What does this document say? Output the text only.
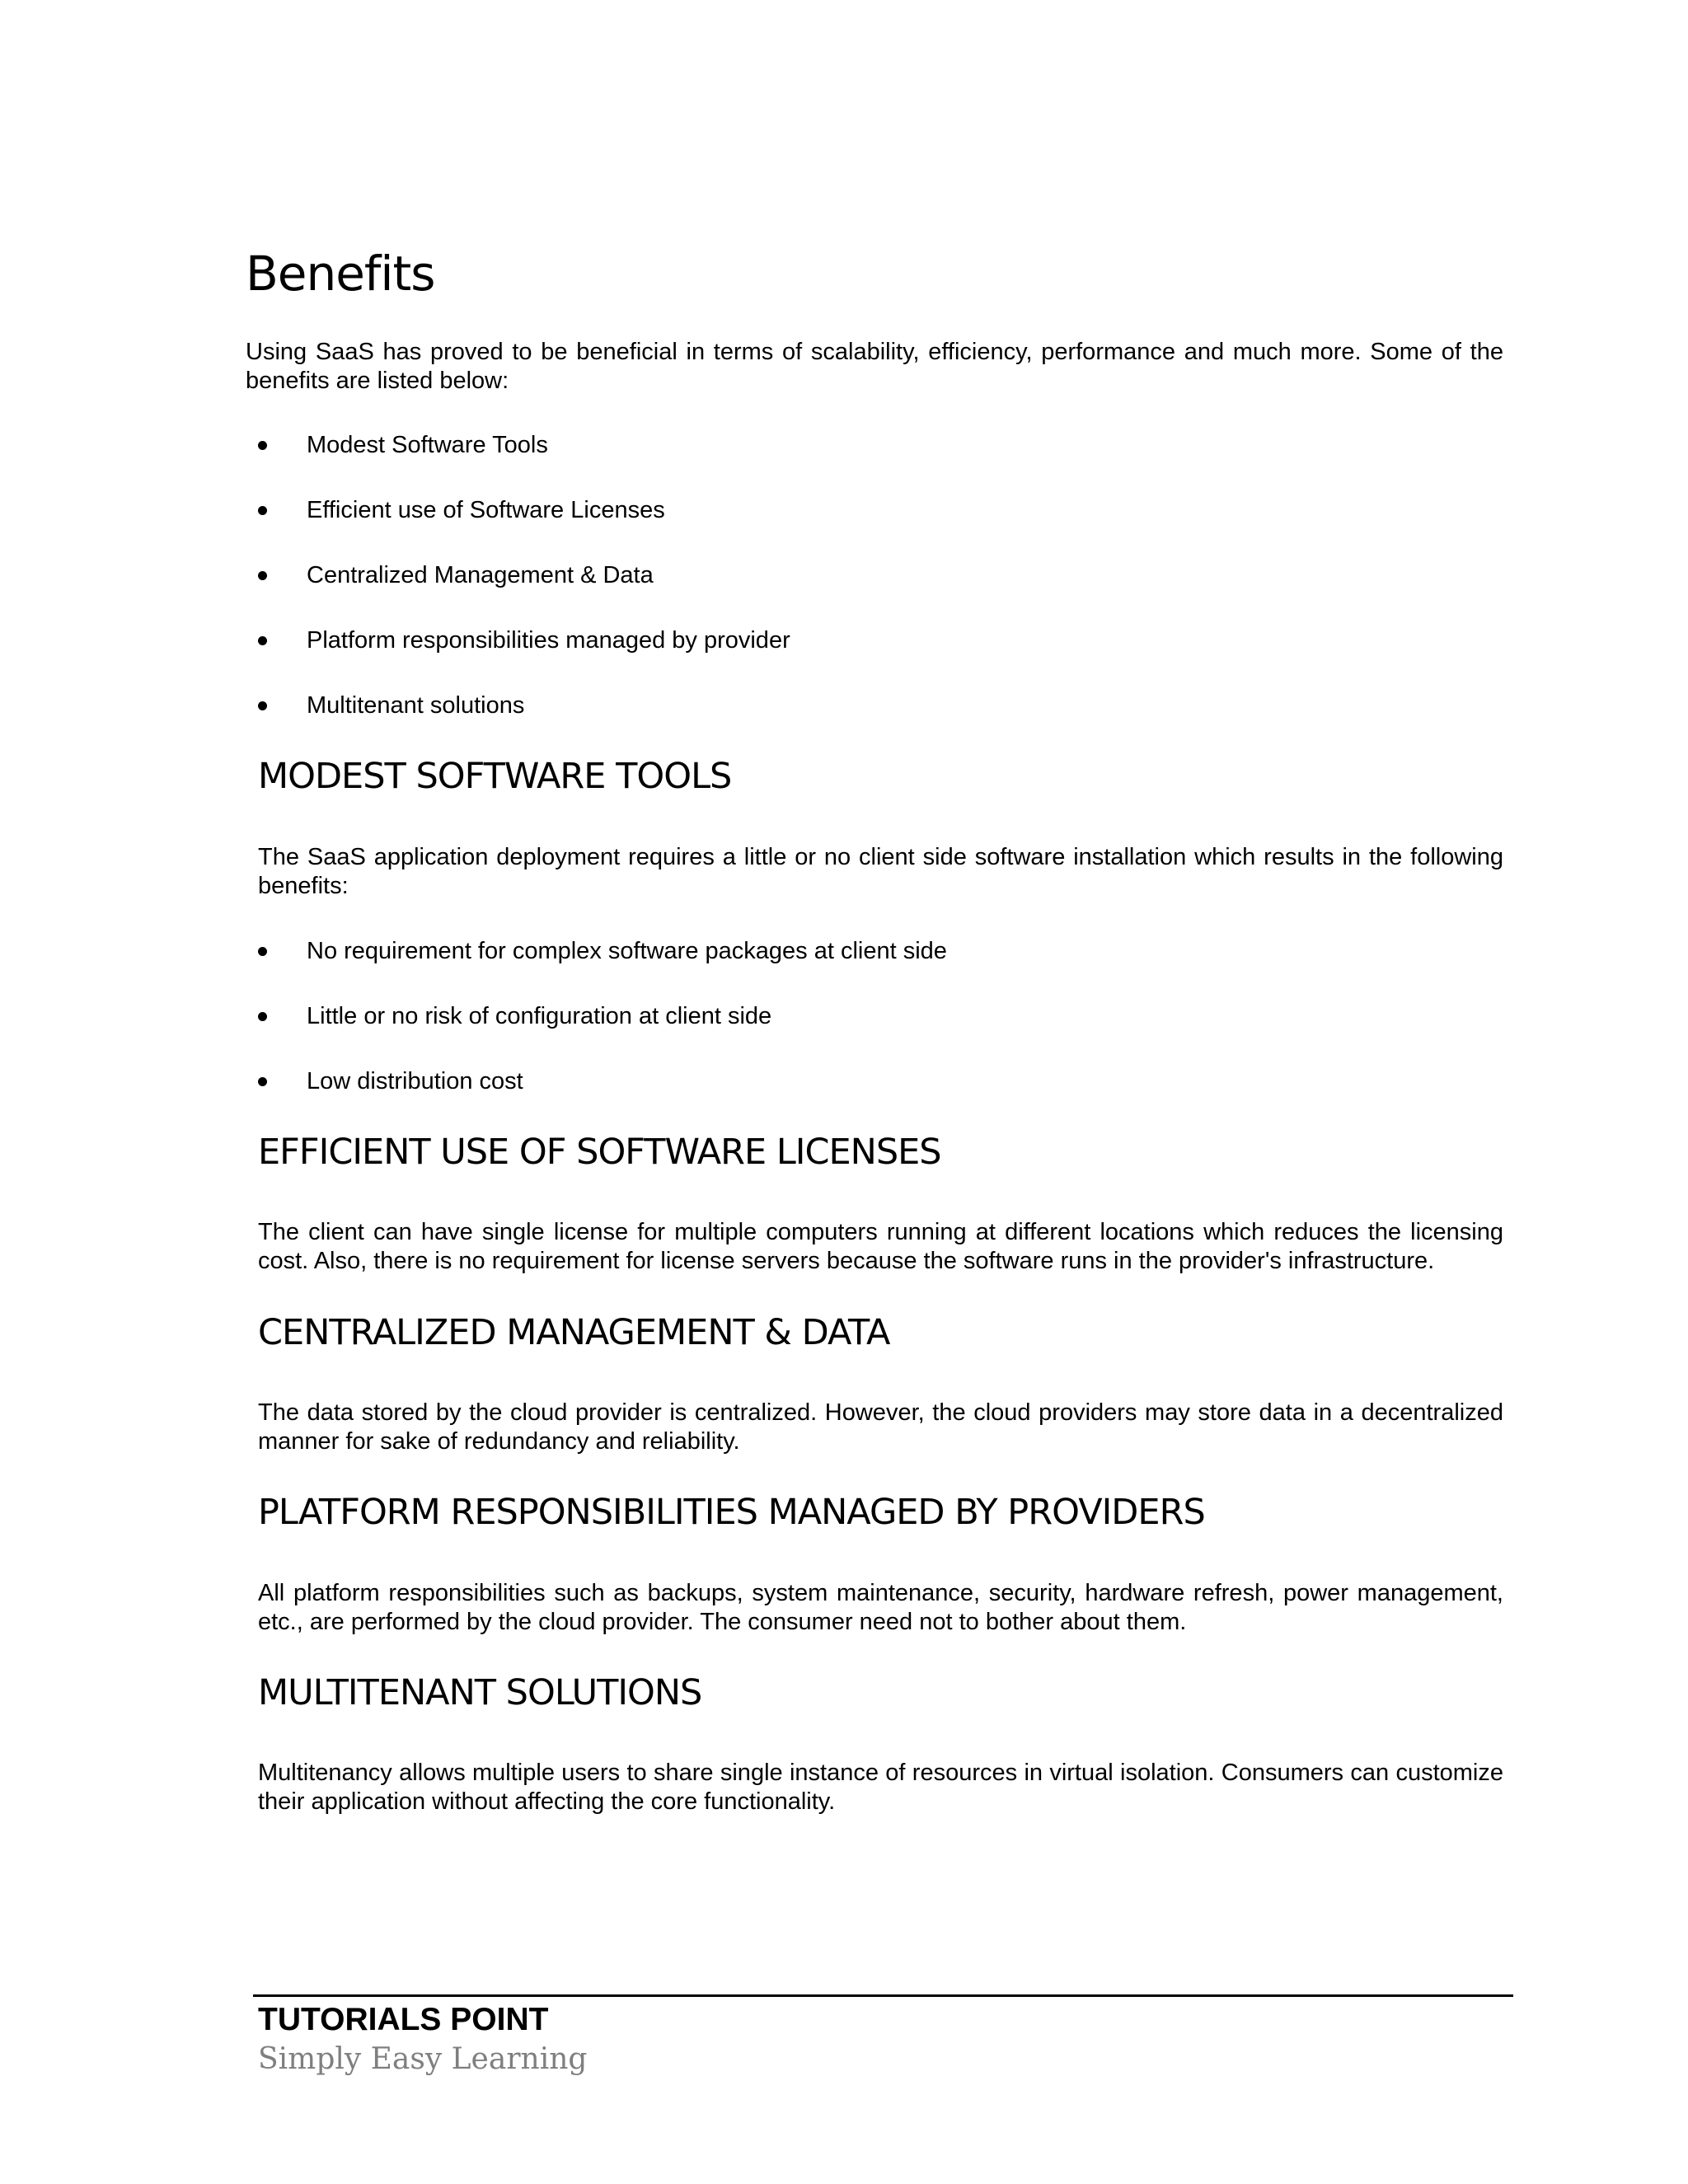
Benefits

Using SaaS has proved to be beneficial in terms of scalability, efficiency, performance and much more. Some of the benefits are listed below:

Modest Software Tools
Efficient use of Software Licenses
Centralized Management & Data
Platform responsibilities managed by provider
Multitenant solutions
MODEST SOFTWARE TOOLS

The SaaS application deployment requires a little or no client side software installation which results in the following benefits:

No requirement for complex software packages at client side
Little or no risk of configuration at client side
Low distribution cost
EFFICIENT USE OF SOFTWARE LICENSES

The client can have single license for multiple computers running at different locations which reduces the licensing cost. Also, there is no requirement for license servers because the software runs in the provider's infrastructure.

CENTRALIZED MANAGEMENT & DATA

The data stored by the cloud provider is centralized. However, the cloud providers may store data in a decentralized manner for sake of redundancy and reliability.

PLATFORM RESPONSIBILITIES MANAGED BY PROVIDERS

All platform responsibilities such as backups, system maintenance, security, hardware refresh, power management, etc., are performed by the cloud provider. The consumer need not to bother about them.

MULTITENANT SOLUTIONS

Multitenancy allows multiple users to share single instance of resources in virtual isolation. Consumers can customize their application without affecting the core functionality.

TUTORIALS POINT

Simply Easy Learning
